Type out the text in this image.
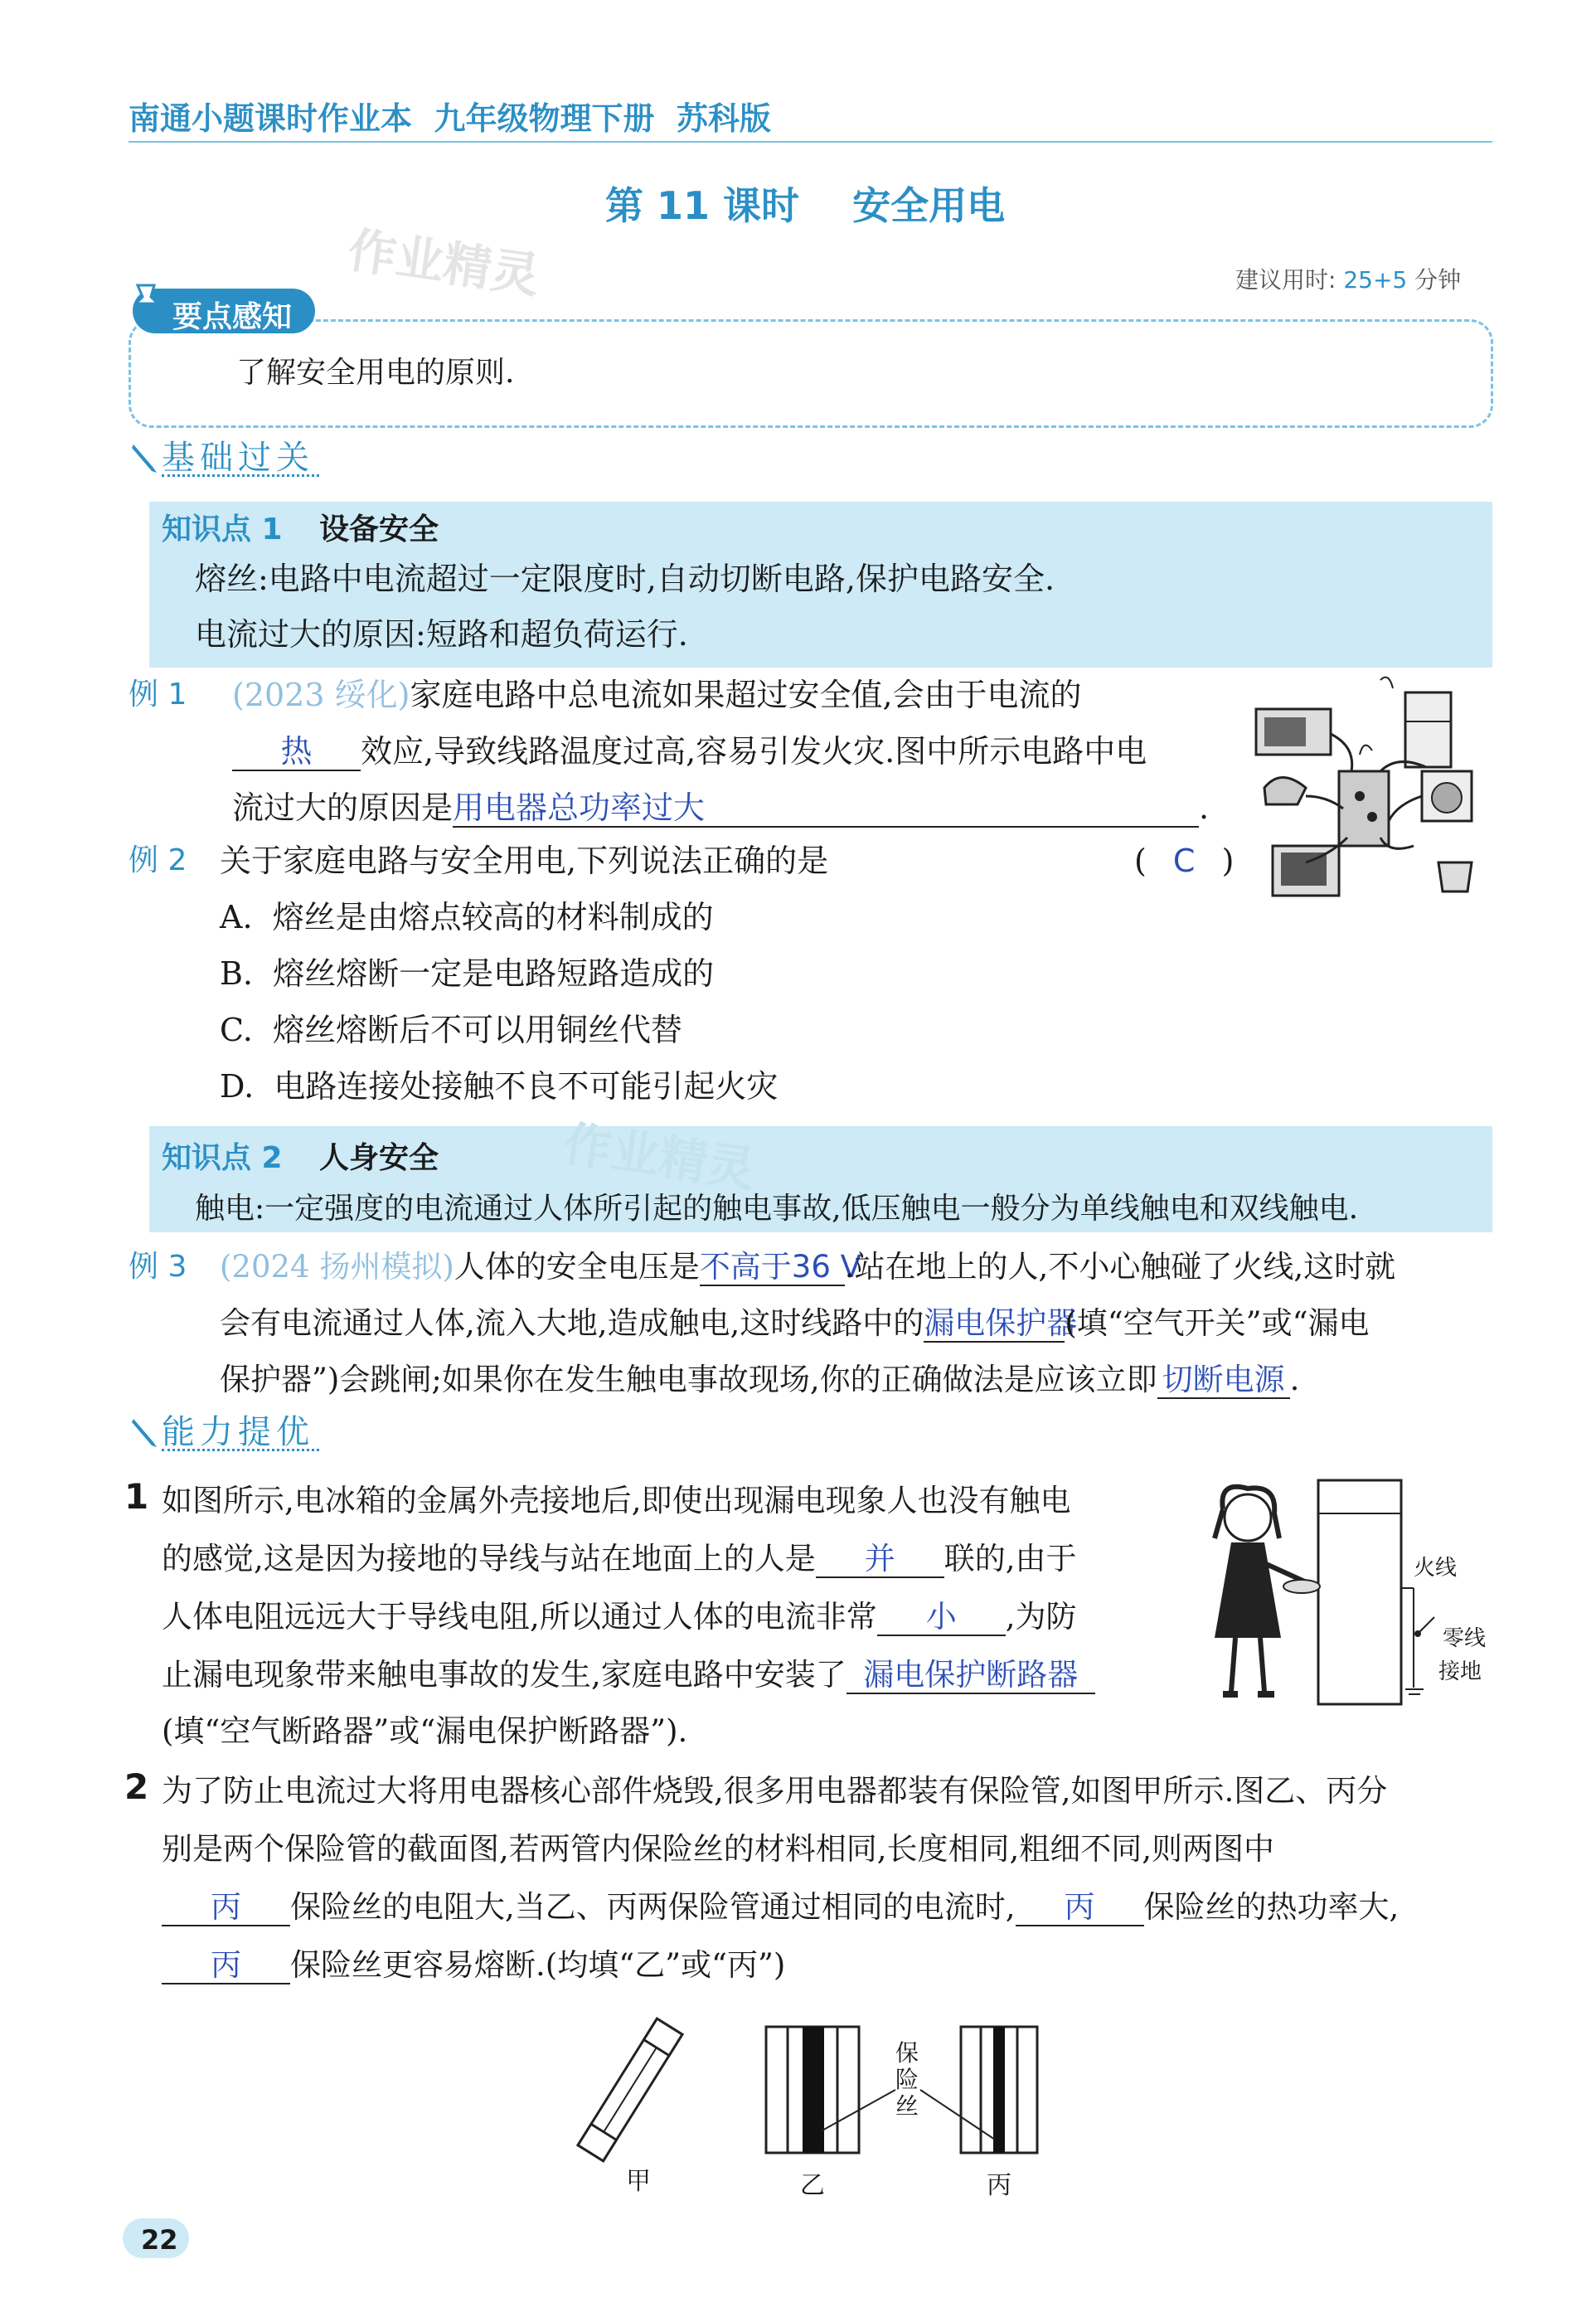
南通小题课时作业本  九年级物理下册  苏科版
第 11 课时    安全用电
作业精灵	建议用时: 25+5 分钟
要点感知
了解安全用电的原则.
基础过关
知识点 1 设备安全
熔丝:电路中电流超过一定限度时,自动切断电路,保护电路安全.
电流过大的原因:短路和超负荷运行.
例 1 (2023 绥化)家庭电路中总电流如果超过安全值,会由于电流的
热 效应,导致线路温度过高,容易引发火灾.图中所示电路中电
流过大的原因是用电器总功率过大	.
例 2 关于家庭电路与安全用电,下列说法正确的是	( C )
A.  熔丝是由熔点较高的材料制成的
B.  熔丝熔断一定是电路短路造成的
C.  熔丝熔断后不可以用铜丝代替
D.  电路连接处接触不良不可能引起火灾
知识点 2 人身安全	作业精灵
触电:一定强度的电流通过人体所引起的触电事故,低压触电一般分为单线触电和双线触电.
例 3 (2024 扬州模拟)人体的安全电压是不高于36 V.站在地上的人,不小心触碰了火线,这时就
会有电流通过人体,流入大地,造成触电,这时线路中的漏电保护器(填“空气开关”或“漏电
保护器”)会跳闸;如果你在发生触电事故现场,你的正确做法是应该立即 切断电源 .
能力提优
1 如图所示,电冰箱的金属外壳接地后,即使出现漏电现象人也没有触电
的感觉,这是因为接地的导线与站在地面上的人是 并 联的,由于
人体电阻远远大于导线电阻,所以通过人体的电流非常 小 ,为防
止漏电现象带来触电事故的发生,家庭电路中安装了 漏电保护断路器
(填“空气断路器”或“漏电保护断路器”).
火线
零线
接地
2 为了防止电流过大将用电器核心部件烧毁,很多用电器都装有保险管,如图甲所示.图乙、丙分
别是两个保险管的截面图,若两管内保险丝的材料相同,长度相同,粗细不同,则两图中
丙 保险丝的电阻大,当乙、丙两保险管通过相同的电流时, 丙 保险丝的热功率大,
丙 保险丝更容易熔断.(均填“乙”或“丙”)
保险丝
甲	乙	丙
22
